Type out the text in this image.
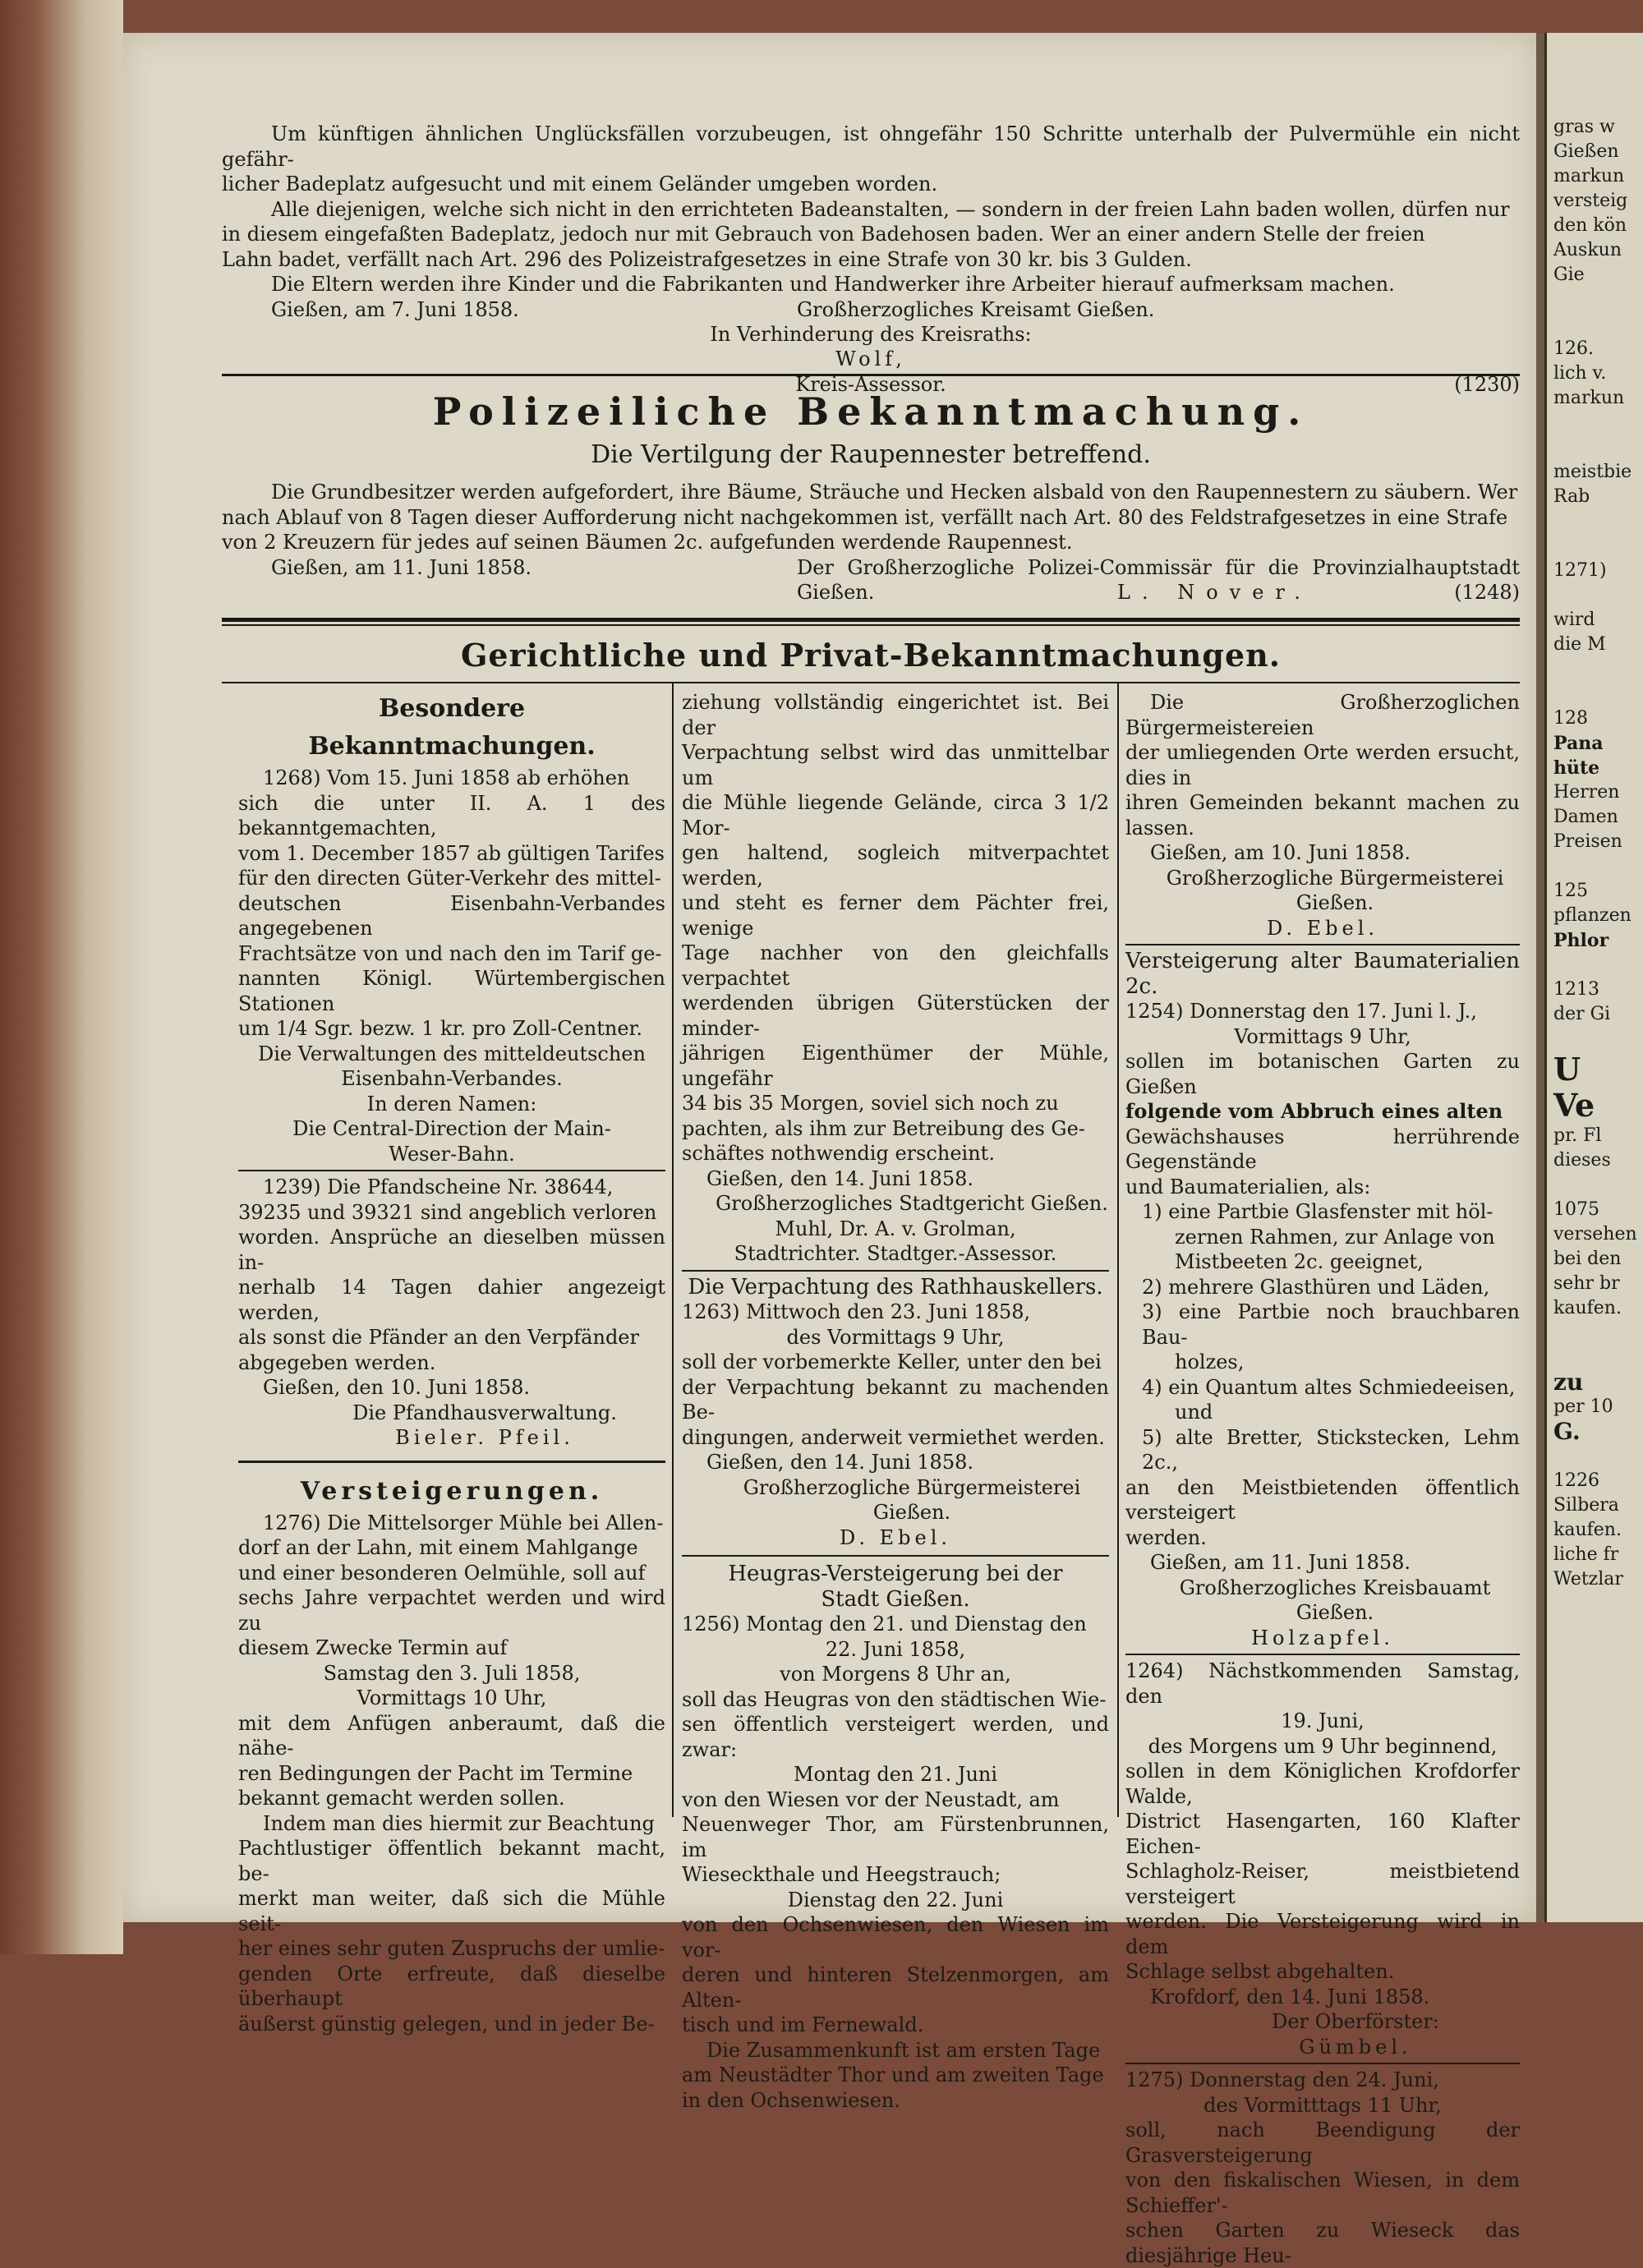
Um künftigen ähnlichen Unglücksfällen vorzubeugen, ist ohngefähr 150 Schritte unterhalb der Pulvermühle ein nicht gefähr-

licher Badeplatz aufgesucht und mit einem Geländer umgeben worden.

Alle diejenigen, welche sich nicht in den errichteten Badeanstalten, — sondern in der freien Lahn baden wollen, dürfen nur

in diesem eingefaßten Badeplatz, jedoch nur mit Gebrauch von Badehosen baden. Wer an einer andern Stelle der freien

Lahn badet, verfällt nach Art. 296 des Polizeistrafgesetzes in eine Strafe von 30 kr. bis 3 Gulden.

Die Eltern werden ihre Kinder und die Fabrikanten und Handwerker ihre Arbeiter hierauf aufmerksam machen.

Gießen, am 7. Juni 1858.	Großherzogliches Kreisamt Gießen.

In Verhinderung des Kreisraths:

Wolf,

Kreis-Assessor.	(1230)

Polizeiliche Bekanntmachung.

Die Vertilgung der Raupennester betreffend.

Die Grundbesitzer werden aufgefordert, ihre Bäume, Sträuche und Hecken alsbald von den Raupennestern zu säubern. Wer

nach Ablauf von 8 Tagen dieser Aufforderung nicht nachgekommen ist, verfällt nach Art. 80 des Feldstrafgesetzes in eine Strafe

von 2 Kreuzern für jedes auf seinen Bäumen 2c. aufgefunden werdende Raupennest.

Gießen, am 11. Juni 1858.	Der Großherzogliche Polizei-Commissär für die Provinzialhauptstadt Gießen.	L. Nover.	(1248)

Gerichtliche und Privat-Bekanntmachungen.

Besondere Bekanntmachungen.

1268) Vom 15. Juni 1858 ab erhöhen

sich die unter II. A. 1 des bekanntgemachten,

vom 1. December 1857 ab gültigen Tarifes

für den directen Güter-Verkehr des mittel-

deutschen Eisenbahn-Verbandes angegebenen

Frachtsätze von und nach den im Tarif ge-

nannten Königl. Würtembergischen Stationen

um 1/4 Sgr. bezw. 1 kr. pro Zoll-Centner.

Die Verwaltungen des mitteldeutschen

Eisenbahn-Verbandes.

In deren Namen:

Die Central-Direction der Main-

Weser-Bahn.

1239) Die Pfandscheine Nr. 38644,

39235 und 39321 sind angeblich verloren

worden. Ansprüche an dieselben müssen in-

nerhalb 14 Tagen dahier angezeigt werden,

als sonst die Pfänder an den Verpfänder

abgegeben werden.

Gießen, den 10. Juni 1858.

Die Pfandhausverwaltung.

Bieler. Pfeil.

Versteigerungen.

1276) Die Mittelsorger Mühle bei Allen-

dorf an der Lahn, mit einem Mahlgange

und einer besonderen Oelmühle, soll auf

sechs Jahre verpachtet werden und wird zu

diesem Zwecke Termin auf

Samstag den 3. Juli 1858,

Vormittags 10 Uhr,

mit dem Anfügen anberaumt, daß die nähe-

ren Bedingungen der Pacht im Termine

bekannt gemacht werden sollen.

Indem man dies hiermit zur Beachtung

Pachtlustiger öffentlich bekannt macht, be-

merkt man weiter, daß sich die Mühle seit-

her eines sehr guten Zuspruchs der umlie-

genden Orte erfreute, daß dieselbe überhaupt

äußerst günstig gelegen, und in jeder Be-

ziehung vollständig eingerichtet ist. Bei der

Verpachtung selbst wird das unmittelbar um

die Mühle liegende Gelände, circa 3 1/2 Mor-

gen haltend, sogleich mitverpachtet werden,

und steht es ferner dem Pächter frei, wenige

Tage nachher von den gleichfalls verpachtet

werdenden übrigen Güterstücken der minder-

jährigen Eigenthümer der Mühle, ungefähr

34 bis 35 Morgen, soviel sich noch zu

pachten, als ihm zur Betreibung des Ge-

schäftes nothwendig erscheint.

Gießen, den 14. Juni 1858.

Großherzogliches Stadtgericht Gießen.

Muhl, Dr. A. v. Grolman,

Stadtrichter. Stadtger.-Assessor.

Die Verpachtung des Rathhauskellers.

1263) Mittwoch den 23. Juni 1858,

des Vormittags 9 Uhr,

soll der vorbemerkte Keller, unter den bei

der Verpachtung bekannt zu machenden Be-

dingungen, anderweit vermiethet werden.

Gießen, den 14. Juni 1858.

Großherzogliche Bürgermeisterei Gießen.

D. Ebel.

Heugras-Versteigerung bei der Stadt Gießen.

1256) Montag den 21. und Dienstag den

22. Juni 1858,

von Morgens 8 Uhr an,

soll das Heugras von den städtischen Wie-

sen öffentlich versteigert werden, und zwar:

Montag den 21. Juni

von den Wiesen vor der Neustadt, am

Neuenweger Thor, am Fürstenbrunnen, im

Wieseckthale und Heegstrauch;

Dienstag den 22. Juni

von den Ochsenwiesen, den Wiesen im vor-

deren und hinteren Stelzenmorgen, am Alten-

tisch und im Fernewald.

Die Zusammenkunft ist am ersten Tage

am Neustädter Thor und am zweiten Tage

in den Ochsenwiesen.

Die Großherzoglichen Bürgermeistereien

der umliegenden Orte werden ersucht, dies in

ihren Gemeinden bekannt machen zu lassen.

Gießen, am 10. Juni 1858.

Großherzogliche Bürgermeisterei Gießen.

D. Ebel.

Versteigerung alter Baumaterialien 2c.

1254) Donnerstag den 17. Juni l. J.,

Vormittags 9 Uhr,

sollen im botanischen Garten zu Gießen

folgende vom Abbruch eines alten

Gewächshauses herrührende Gegenstände

und Baumaterialien, als:

1) eine Partbie Glasfenster mit höl-

zernen Rahmen, zur Anlage von

Mistbeeten 2c. geeignet,

2) mehrere Glasthüren und Läden,

3) eine Partbie noch brauchbaren Bau-

holzes,

4) ein Quantum altes Schmiedeeisen,

und

5) alte Bretter, Stickstecken, Lehm 2c.,

an den Meistbietenden öffentlich versteigert

werden.

Gießen, am 11. Juni 1858.

Großherzogliches Kreisbauamt Gießen.

Holzapfel.

1264) Nächstkommenden Samstag, den

19. Juni,

des Morgens um 9 Uhr beginnend,

sollen in dem Königlichen Krofdorfer Walde,

District Hasengarten, 160 Klafter Eichen-

Schlagholz-Reiser, meistbietend versteigert

werden. Die Versteigerung wird in dem

Schlage selbst abgehalten.

Krofdorf, den 14. Juni 1858.

Der Oberförster:

Gümbel.

1275) Donnerstag den 24. Juni,

des Vormitttags 11 Uhr,

soll, nach Beendigung der Grasversteigerung

von den fiskalischen Wiesen, in dem Schieffer'-

schen Garten zu Wieseck das diesjährige Heu-

gras w

Gießen

markun

versteig

den kön

Auskun

Gie

126.

lich v.

markun

meistbie

Rab

1271)

wird

die M

128

Pana

hüte

Herren

Damen

Preisen

125

pflanzen

Phlor

1213

der Gi

U

Ve

pr. Fl

dieses

1075

versehen

bei den

sehr br

kaufen.

zu

per 10

G.

1226

Silbera

kaufen.

liche fr

Wetzlar
